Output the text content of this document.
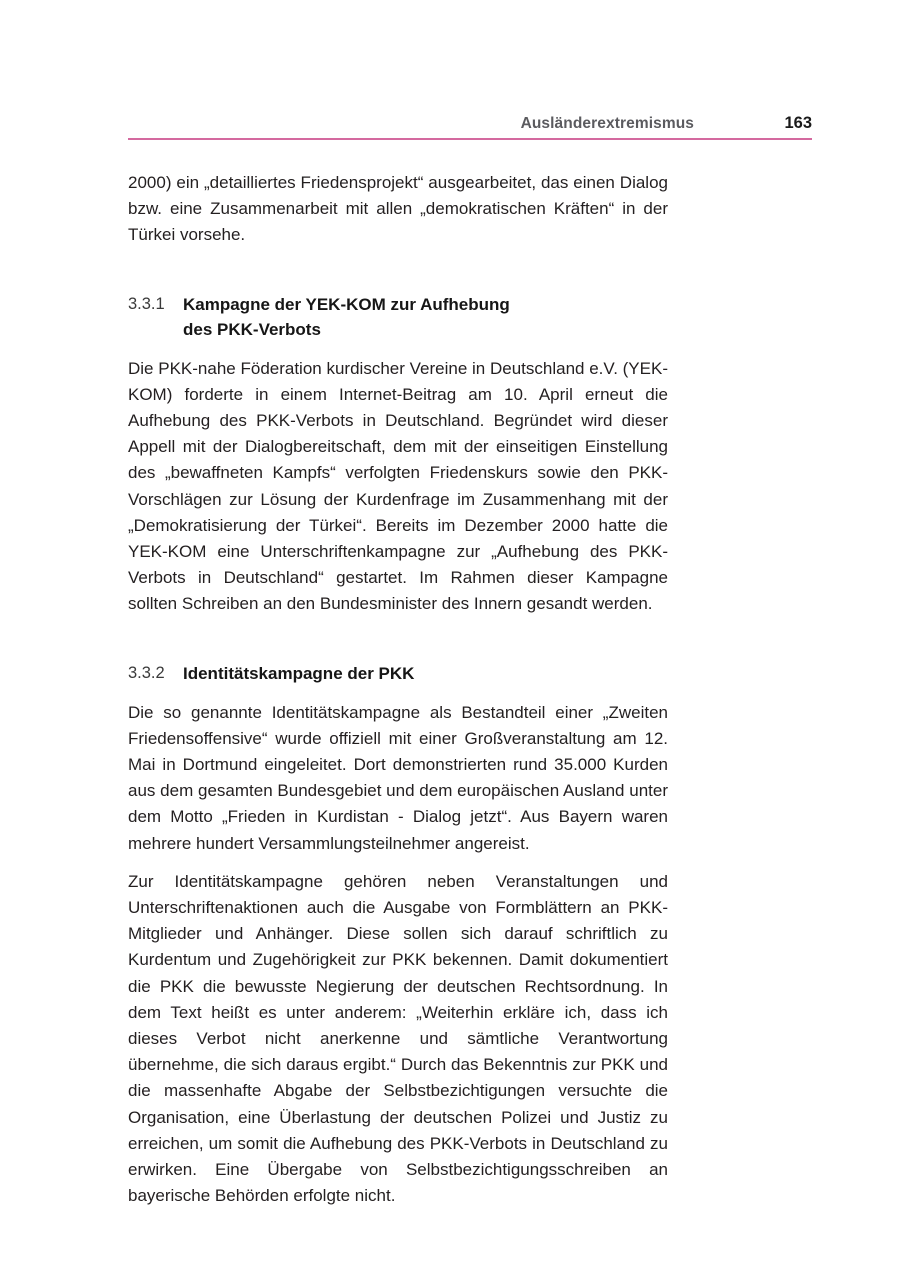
Ausländerextremismus	163

2000) ein „detailliertes Friedensprojekt“ ausgearbeitet, das einen Dialog bzw. eine Zusammenarbeit mit allen „demokratischen Kräften“ in der Türkei vorsehe.

3.3.1	Kampagne der YEK-KOM zur Aufhebung
des PKK-Verbots

Die PKK-nahe Föderation kurdischer Vereine in Deutschland e.V. (YEK-KOM) forderte in einem Internet-Beitrag am 10. April erneut die Aufhebung des PKK-Verbots in Deutschland. Begründet wird dieser Appell mit der Dialogbereitschaft, dem mit der einseitigen Einstellung des „bewaffneten Kampfs“ verfolgten Friedenskurs sowie den PKK-Vorschlägen zur Lösung der Kurdenfrage im Zusammenhang mit der „Demokratisierung der Türkei“. Bereits im Dezember 2000 hatte die YEK-KOM eine Unterschriftenkampagne zur „Aufhebung des PKK-Verbots in Deutschland“ gestartet. Im Rahmen dieser Kampagne sollten Schreiben an den Bundesminister des Innern gesandt werden.

3.3.2	Identitätskampagne der PKK

Die so genannte Identitätskampagne als Bestandteil einer „Zweiten Friedensoffensive“ wurde offiziell mit einer Großveranstaltung am 12. Mai in Dortmund eingeleitet. Dort demonstrierten rund 35.000 Kurden aus dem gesamten Bundesgebiet und dem europäischen Ausland unter dem Motto „Frieden in Kurdistan - Dialog jetzt“. Aus Bayern waren mehrere hundert Versammlungsteilnehmer angereist.

Zur Identitätskampagne gehören neben Veranstaltungen und Unterschriftenaktionen auch die Ausgabe von Formblättern an PKK-Mitglieder und Anhänger. Diese sollen sich darauf schriftlich zu Kurdentum und Zugehörigkeit zur PKK bekennen. Damit dokumentiert die PKK die bewusste Negierung der deutschen Rechtsordnung. In dem Text heißt es unter anderem: „Weiterhin erkläre ich, dass ich dieses Verbot nicht anerkenne und sämtliche Verantwortung übernehme, die sich daraus ergibt.“ Durch das Bekenntnis zur PKK und die massenhafte Abgabe der Selbstbezichtigungen versuchte die Organisation, eine Überlastung der deutschen Polizei und Justiz zu erreichen, um somit die Aufhebung des PKK-Verbots in Deutschland zu erwirken. Eine Übergabe von Selbstbezichtigungsschreiben an bayerische Behörden erfolgte nicht.
